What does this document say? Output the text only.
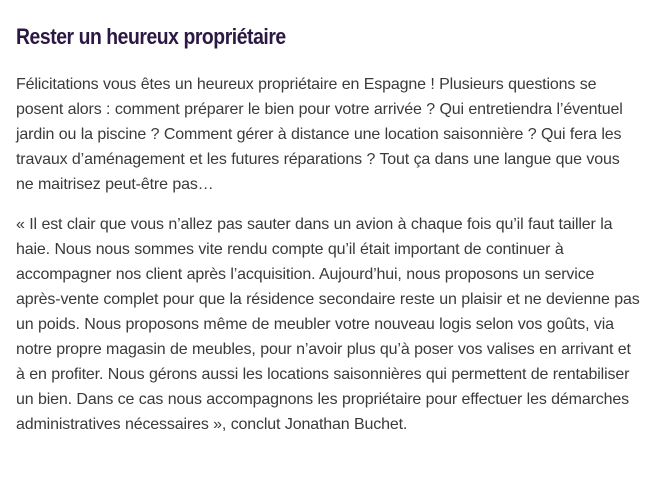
Rester un heureux propriétaire

Félicitations vous êtes un heureux propriétaire en Espagne ! Plusieurs questions se posent alors : comment préparer le bien pour votre arrivée ? Qui entretiendra l’éventuel jardin ou la piscine ? Comment gérer à distance une location saisonnière ? Qui fera les travaux d’aménagement et les futures réparations ? Tout ça dans une langue que vous ne maitrisez peut-être pas…

« Il est clair que vous n’allez pas sauter dans un avion à chaque fois qu’il faut tailler la haie. Nous nous sommes vite rendu compte qu’il était important de continuer à accompagner nos client après l’acquisition. Aujourd’hui, nous proposons un service après-vente complet pour que la résidence secondaire reste un plaisir et ne devienne pas un poids. Nous proposons même de meubler votre nouveau logis selon vos goûts, via notre propre magasin de meubles, pour n’avoir plus qu’à poser vos valises en arrivant et à en profiter. Nous gérons aussi les locations saisonnières qui permettent de rentabiliser un bien. Dans ce cas nous accompagnons les propriétaire pour effectuer les démarches administratives nécessaires », conclut Jonathan Buchet.
